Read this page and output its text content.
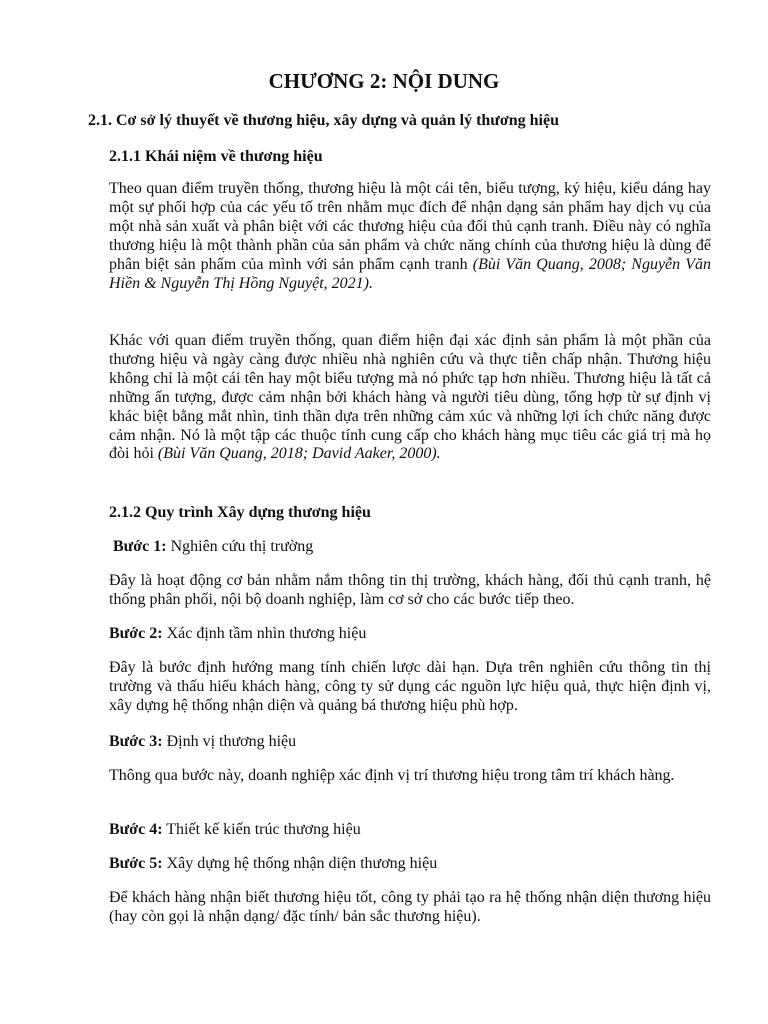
CHƯƠNG 2: NỘI DUNG
2.1. Cơ sở lý thuyết về thương hiệu, xây dựng và quản lý thương hiệu
2.1.1 Khái niệm về thương hiệu

Theo quan điểm truyền thống, thương hiệu là một cái tên, biểu tượng, ký hiệu, kiểu dáng hay một sự phối hợp của các yếu tố trên nhằm mục đích để nhận dạng sản phẩm hay dịch vụ của một nhà sản xuất và phân biệt với các thương hiệu của đối thủ cạnh tranh. Điều này có nghĩa thương hiệu là một thành phần của sản phẩm và chức năng chính của thương hiệu là dùng để phân biệt sản phẩm của mình với sản phẩm cạnh tranh (Bùi Văn Quang, 2008; Nguyễn Văn Hiền & Nguyễn Thị Hồng Nguyệt, 2021).

Khác với quan điểm truyền thống, quan điểm hiện đại xác định sản phẩm là một phần của thương hiệu và ngày càng được nhiều nhà nghiên cứu và thực tiễn chấp nhận. Thương hiệu không chỉ là một cái tên hay một biểu tượng mà nó phức tạp hơn nhiều. Thương hiệu là tất cả những ấn tượng, được cảm nhận bởi khách hàng và người tiêu dùng, tổng hợp từ sự định vị khác biệt bằng mắt nhìn, tinh thần dựa trên những cảm xúc và những lợi ích chức năng được cảm nhận. Nó là một tập các thuộc tính cung cấp cho khách hàng mục tiêu các giá trị mà họ đòi hỏi (Bùi Văn Quang, 2018; David Aaker, 2000).

2.1.2 Quy trình Xây dựng thương hiệu

Bước 1: Nghiên cứu thị trường

Đây là hoạt động cơ bản nhằm nắm thông tin thị trường, khách hàng, đối thủ cạnh tranh, hệ thống phân phối, nội bộ doanh nghiệp, làm cơ sở cho các bước tiếp theo.

Bước 2: Xác định tầm nhìn thương hiệu

Đây là bước định hướng mang tính chiến lược dài hạn. Dựa trên nghiên cứu thông tin thị trường và thấu hiểu khách hàng, công ty sử dụng các nguồn lực hiệu quả, thực hiện định vị, xây dựng hệ thống nhận diện và quảng bá thương hiệu phù hợp.

Bước 3: Định vị thương hiệu

Thông qua bước này, doanh nghiệp xác định vị trí thương hiệu trong tâm trí khách hàng.

Bước 4: Thiết kế kiến trúc thương hiệu

Bước 5: Xây dựng hệ thống nhận diện thương hiệu

Để khách hàng nhận biết thương hiệu tốt, công ty phải tạo ra hệ thống nhận diện thương hiệu (hay còn gọi là nhận dạng/ đặc tính/ bản sắc thương hiệu).
